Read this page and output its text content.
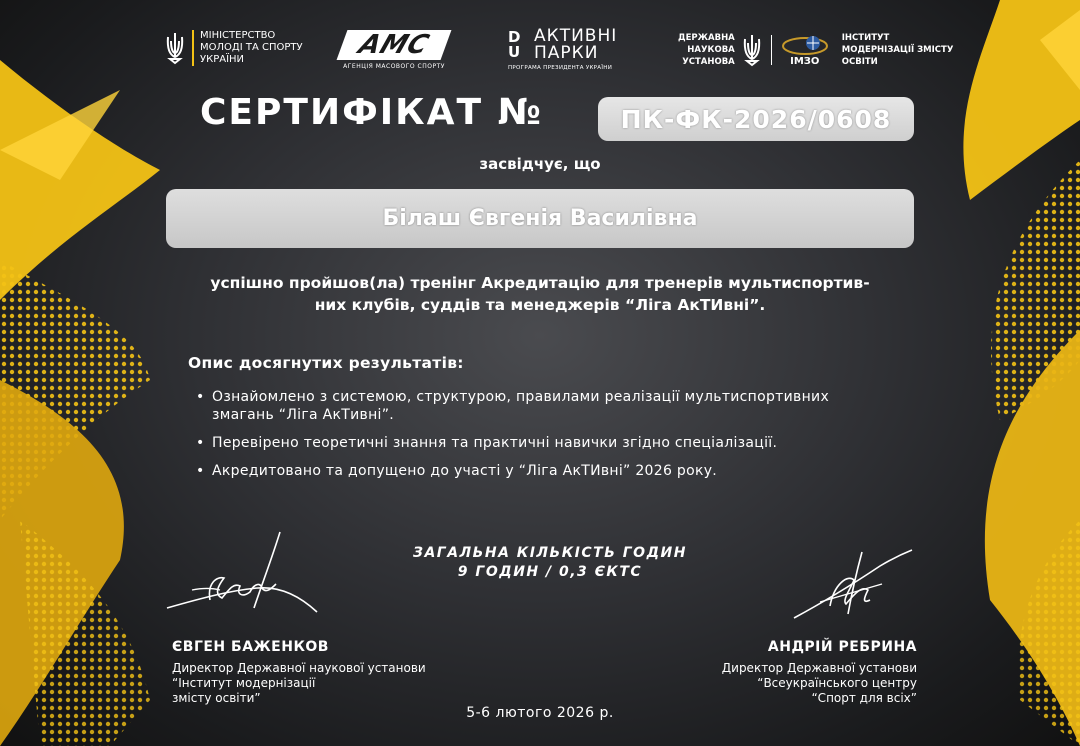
МІНІСТЕРСТВО
МОЛОДІ ТА СПОРТУ
УКРАЇНИ	AMC
АГЕНЦІЯ МАСОВОГО СПОРТУ
DU
АКТИВНІ
ПАРКИ
ПРОГРАМА ПРЕЗИДЕНТА УКРАЇНИ
ДЕРЖАВНА
НАУКОВА
УСТАНОВА	ІМЗО
ІНСТИТУТ
МОДЕРНІЗАЦІЇ ЗМІСТУ
ОСВІТИ
СЕРТИФІКАТ №	ПК-ФК-2026/0608
засвідчує, що
Білаш Євгенія Василівна
успішно пройшов(ла) тренінг Акредитацію для тренерів мультиспортив-
них клубів, суддів та менеджерів “Ліга АкТИвні”.
Опис досягнутих результатів:
• Ознайомлено з системою, структурою, правилами реалізації мультиспортивних змагань “Ліга АкТивні”.
• Перевірено теоретичні знання та практичні навички згідно спеціалізації.
• Акредитовано та допущено до участі у “Ліга АкТИвні” 2026 року.
ЗАГАЛЬНА КІЛЬКІСТЬ ГОДИН
9 ГОДИН / 0,3 ЄКТС
ЄВГЕН БАЖЕНКОВ
Директор Державної наукової установи
“Інститут модернізації
змісту освіти”
АНДРІЙ РЕБРИНА
Директор Державної установи
“Всеукраїнського центру
“Спорт для всіх”
5-6 лютого 2026 р.
